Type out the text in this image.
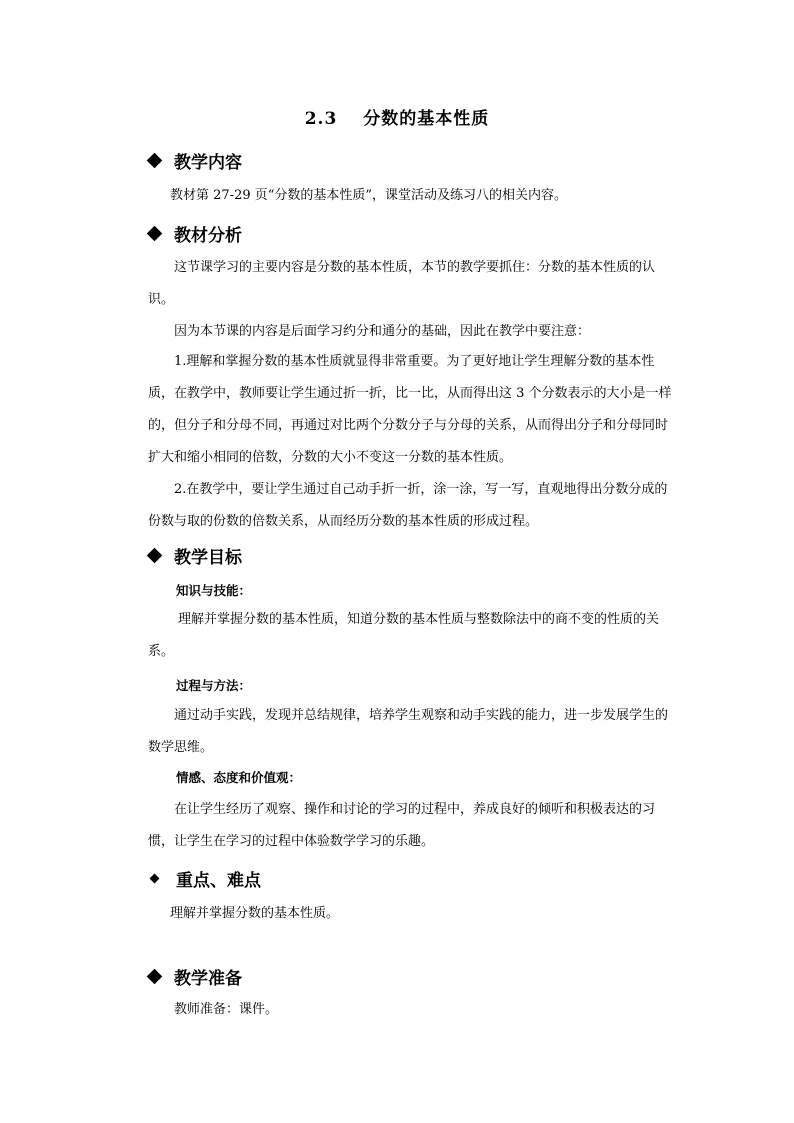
2.3 分数的基本性质
教学内容
教材第 27-29 页“分数的基本性质”，课堂活动及练习八的相关内容。
教材分析
这节课学习的主要内容是分数的基本性质，本节的教学要抓住：分数的基本性质的认识。
因为本节课的内容是后面学习约分和通分的基础，因此在教学中要注意：
1.理解和掌握分数的基本性质就显得非常重要。为了更好地让学生理解分数的基本性质，在教学中，教师要让学生通过折一折，比一比，从而得出这 3 个分数表示的大小是一样的，但分子和分母不同，再通过对比两个分数分子与分母的关系，从而得出分子和分母同时扩大和缩小相同的倍数，分数的大小不变这一分数的基本性质。
2.在教学中，要让学生通过自己动手折一折，涂一涂，写一写，直观地得出分数分成的份数与取的份数的倍数关系，从而经历分数的基本性质的形成过程。
教学目标
知识与技能：
理解并掌握分数的基本性质，知道分数的基本性质与整数除法中的商不变的性质的关系。
过程与方法：
通过动手实践，发现并总结规律，培养学生观察和动手实践的能力，进一步发展学生的数学思维。
情感、态度和价值观：
在让学生经历了观察、操作和讨论的学习的过程中，养成良好的倾听和积极表达的习惯，让学生在学习的过程中体验数学学习的乐趣。
重点、难点
理解并掌握分数的基本性质。
教学准备
教师准备：课件。
